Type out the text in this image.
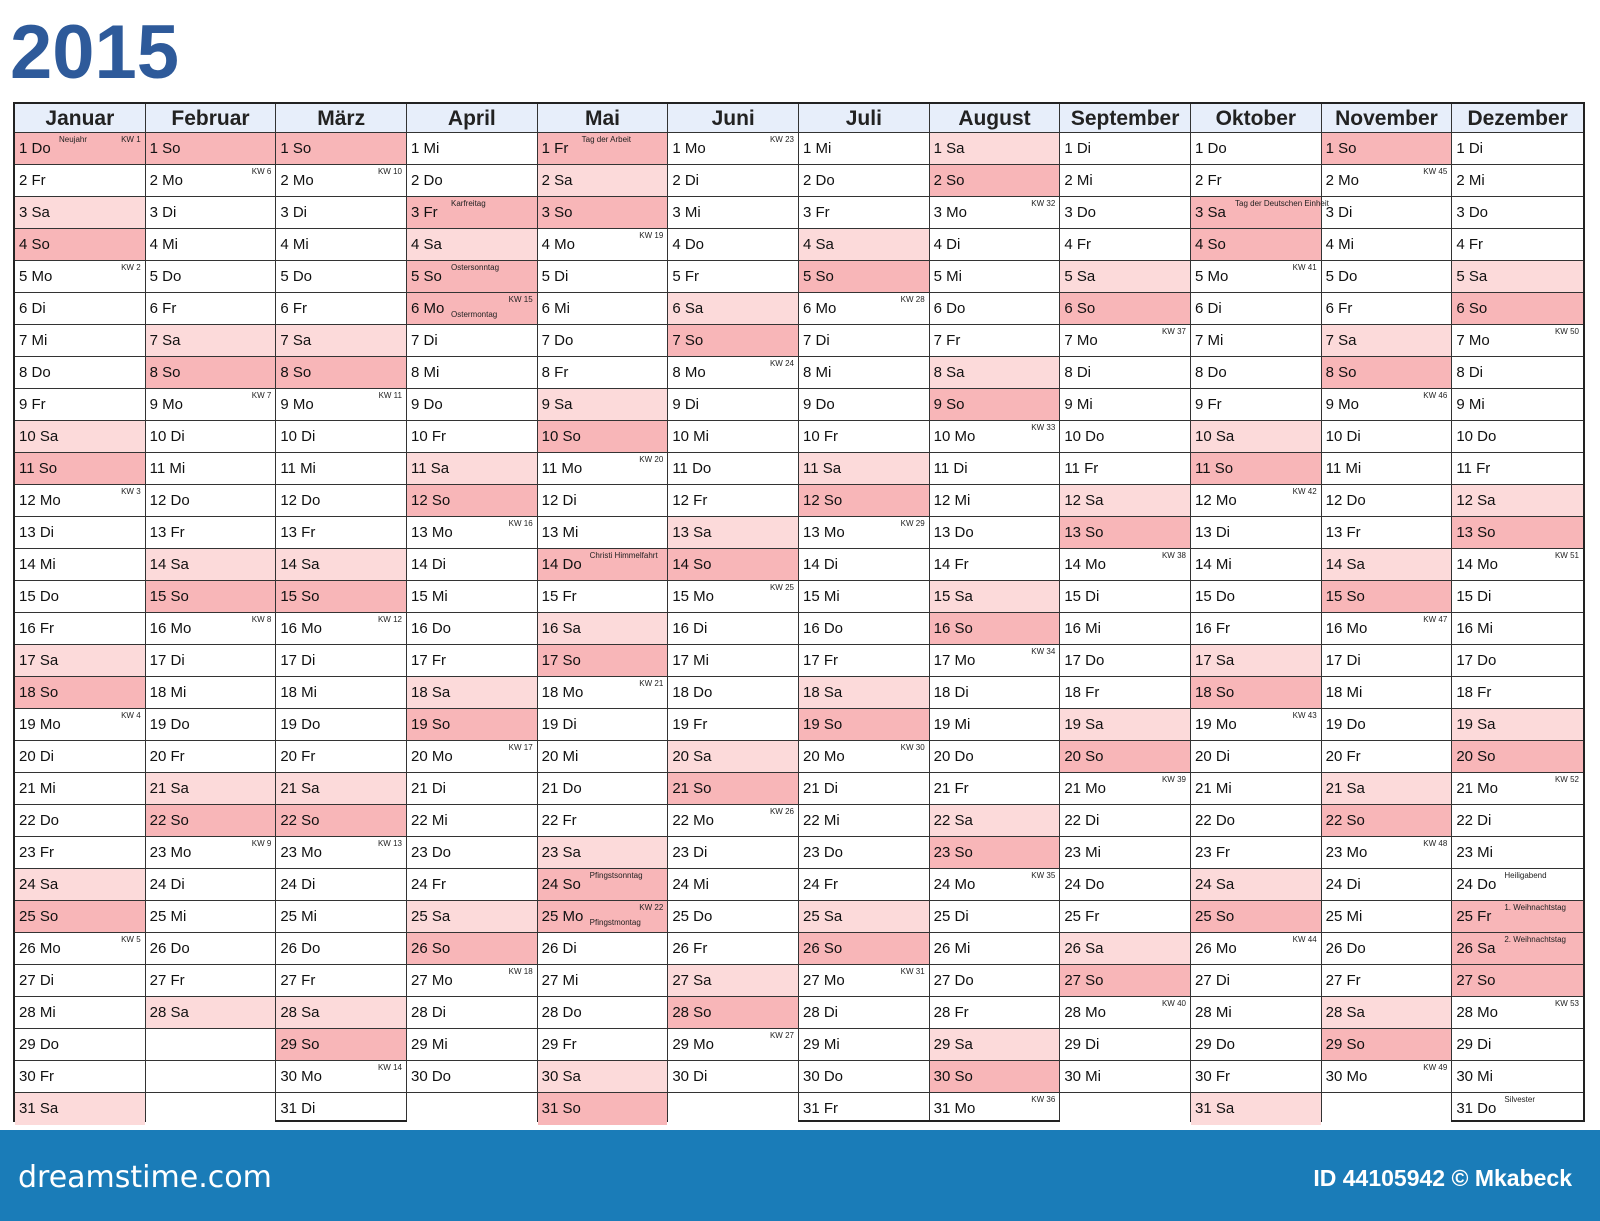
2015
Januar
1 Do
KW 1
Neujahr
2 Fr
3 Sa
4 So
5 Mo
KW 2
6 Di
7 Mi
8 Do
9 Fr
10 Sa
11 So
12 Mo
KW 3
13 Di
14 Mi
15 Do
16 Fr
17 Sa
18 So
19 Mo
KW 4
20 Di
21 Mi
22 Do
23 Fr
24 Sa
25 So
26 Mo
KW 5
27 Di
28 Mi
29 Do
30 Fr
31 Sa
Februar
1 So
2 Mo
KW 6
3 Di
4 Mi
5 Do
6 Fr
7 Sa
8 So
9 Mo
KW 7
10 Di
11 Mi
12 Do
13 Fr
14 Sa
15 So
16 Mo
KW 8
17 Di
18 Mi
19 Do
20 Fr
21 Sa
22 So
23 Mo
KW 9
24 Di
25 Mi
26 Do
27 Fr
28 Sa
März
1 So
2 Mo
KW 10
3 Di
4 Mi
5 Do
6 Fr
7 Sa
8 So
9 Mo
KW 11
10 Di
11 Mi
12 Do
13 Fr
14 Sa
15 So
16 Mo
KW 12
17 Di
18 Mi
19 Do
20 Fr
21 Sa
22 So
23 Mo
KW 13
24 Di
25 Mi
26 Do
27 Fr
28 Sa
29 So
30 Mo
KW 14
31 Di
April
1 Mi
2 Do
3 Fr
Karfreitag
4 Sa
5 So
Ostersonntag
6 Mo
KW 15
Ostermontag
7 Di
8 Mi
9 Do
10 Fr
11 Sa
12 So
13 Mo
KW 16
14 Di
15 Mi
16 Do
17 Fr
18 Sa
19 So
20 Mo
KW 17
21 Di
22 Mi
23 Do
24 Fr
25 Sa
26 So
27 Mo
KW 18
28 Di
29 Mi
30 Do
Mai
1 Fr
Tag der Arbeit
2 Sa
3 So
4 Mo
KW 19
5 Di
6 Mi
7 Do
8 Fr
9 Sa
10 So
11 Mo
KW 20
12 Di
13 Mi
14 Do
Christi Himmelfahrt
15 Fr
16 Sa
17 So
18 Mo
KW 21
19 Di
20 Mi
21 Do
22 Fr
23 Sa
24 So
Pfingstsonntag
25 Mo
KW 22
Pfingstmontag
26 Di
27 Mi
28 Do
29 Fr
30 Sa
31 So
Juni
1 Mo
KW 23
2 Di
3 Mi
4 Do
5 Fr
6 Sa
7 So
8 Mo
KW 24
9 Di
10 Mi
11 Do
12 Fr
13 Sa
14 So
15 Mo
KW 25
16 Di
17 Mi
18 Do
19 Fr
20 Sa
21 So
22 Mo
KW 26
23 Di
24 Mi
25 Do
26 Fr
27 Sa
28 So
29 Mo
KW 27
30 Di
Juli
1 Mi
2 Do
3 Fr
4 Sa
5 So
6 Mo
KW 28
7 Di
8 Mi
9 Do
10 Fr
11 Sa
12 So
13 Mo
KW 29
14 Di
15 Mi
16 Do
17 Fr
18 Sa
19 So
20 Mo
KW 30
21 Di
22 Mi
23 Do
24 Fr
25 Sa
26 So
27 Mo
KW 31
28 Di
29 Mi
30 Do
31 Fr
August
1 Sa
2 So
3 Mo
KW 32
4 Di
5 Mi
6 Do
7 Fr
8 Sa
9 So
10 Mo
KW 33
11 Di
12 Mi
13 Do
14 Fr
15 Sa
16 So
17 Mo
KW 34
18 Di
19 Mi
20 Do
21 Fr
22 Sa
23 So
24 Mo
KW 35
25 Di
26 Mi
27 Do
28 Fr
29 Sa
30 So
31 Mo
KW 36
September
1 Di
2 Mi
3 Do
4 Fr
5 Sa
6 So
7 Mo
KW 37
8 Di
9 Mi
10 Do
11 Fr
12 Sa
13 So
14 Mo
KW 38
15 Di
16 Mi
17 Do
18 Fr
19 Sa
20 So
21 Mo
KW 39
22 Di
23 Mi
24 Do
25 Fr
26 Sa
27 So
28 Mo
KW 40
29 Di
30 Mi
Oktober
1 Do
2 Fr
3 Sa
Tag der Deutschen Einheit
4 So
5 Mo
KW 41
6 Di
7 Mi
8 Do
9 Fr
10 Sa
11 So
12 Mo
KW 42
13 Di
14 Mi
15 Do
16 Fr
17 Sa
18 So
19 Mo
KW 43
20 Di
21 Mi
22 Do
23 Fr
24 Sa
25 So
26 Mo
KW 44
27 Di
28 Mi
29 Do
30 Fr
31 Sa
November
1 So
2 Mo
KW 45
3 Di
4 Mi
5 Do
6 Fr
7 Sa
8 So
9 Mo
KW 46
10 Di
11 Mi
12 Do
13 Fr
14 Sa
15 So
16 Mo
KW 47
17 Di
18 Mi
19 Do
20 Fr
21 Sa
22 So
23 Mo
KW 48
24 Di
25 Mi
26 Do
27 Fr
28 Sa
29 So
30 Mo
KW 49
Dezember
1 Di
2 Mi
3 Do
4 Fr
5 Sa
6 So
7 Mo
KW 50
8 Di
9 Mi
10 Do
11 Fr
12 Sa
13 So
14 Mo
KW 51
15 Di
16 Mi
17 Do
18 Fr
19 Sa
20 So
21 Mo
KW 52
22 Di
23 Mi
24 Do
Heiligabend
25 Fr
1. Weihnachtstag
26 Sa
2. Weihnachtstag
27 So
28 Mo
KW 53
29 Di
30 Mi
31 Do
Silvester
dreamstime.com	ID 44105942 © Mkabeck
